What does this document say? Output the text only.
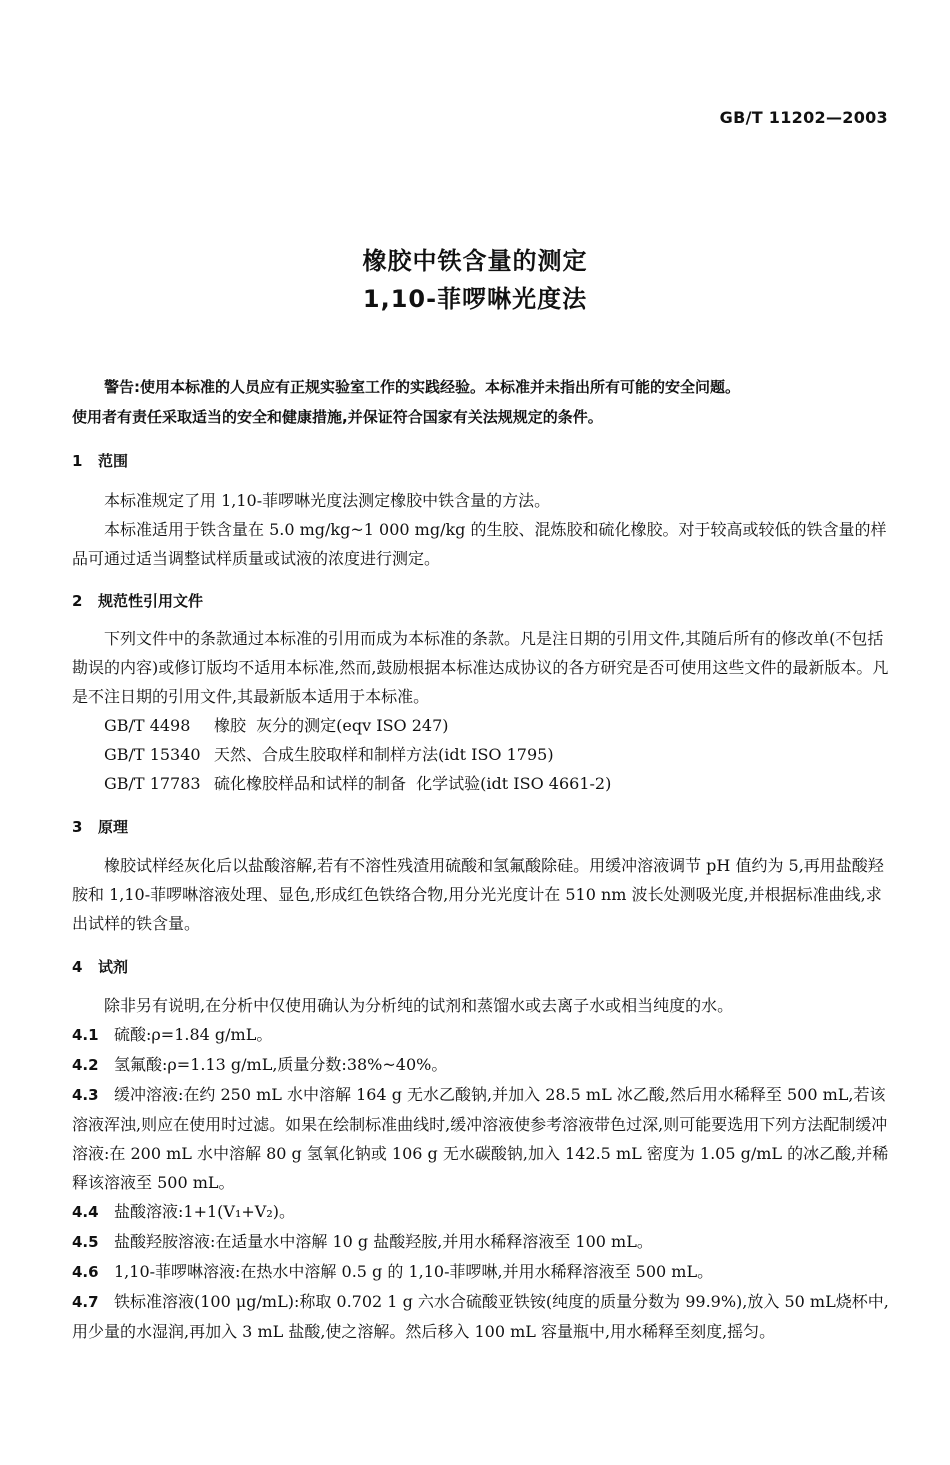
GB/T 11202—2003
橡胶中铁含量的测定
1,10-菲啰啉光度法
警告:使用本标准的人员应有正规实验室工作的实践经验。本标准并未指出所有可能的安全问题。
使用者有责任采取适当的安全和健康措施,并保证符合国家有关法规规定的条件。
1 范围

本标准规定了用 1,10-菲啰啉光度法测定橡胶中铁含量的方法。

本标准适用于铁含量在 5.0 mg/kg~1 000 mg/kg 的生胶、混炼胶和硫化橡胶。对于较高或较低的铁含量的样品可通过适当调整试样质量或试液的浓度进行测定。

2 规范性引用文件

下列文件中的条款通过本标准的引用而成为本标准的条款。凡是注日期的引用文件,其随后所有的修改单(不包括勘误的内容)或修订版均不适用本标准,然而,鼓励根据本标准达成协议的各方研究是否可使用这些文件的最新版本。凡是不注日期的引用文件,其最新版本适用于本标准。

GB/T 4498 橡胶  灰分的测定(eqv ISO 247)
GB/T 15340 天然、合成生胶取样和制样方法(idt ISO 1795)
GB/T 17783 硫化橡胶样品和试样的制备  化学试验(idt ISO 4661-2)
3 原理

橡胶试样经灰化后以盐酸溶解,若有不溶性残渣用硫酸和氢氟酸除硅。用缓冲溶液调节 pH 值约为 5,再用盐酸羟胺和 1,10-菲啰啉溶液处理、显色,形成红色铁络合物,用分光光度计在 510 nm 波长处测吸光度,并根据标准曲线,求出试样的铁含量。

4 试剂

除非另有说明,在分析中仅使用确认为分析纯的试剂和蒸馏水或去离子水或相当纯度的水。

4.1 硫酸:ρ=1.84 g/mL。

4.2 氢氟酸:ρ=1.13 g/mL,质量分数:38%~40%。

4.3 缓冲溶液:在约 250 mL 水中溶解 164 g 无水乙酸钠,并加入 28.5 mL 冰乙酸,然后用水稀释至 500 mL,若该溶液浑浊,则应在使用时过滤。如果在绘制标准曲线时,缓冲溶液使参考溶液带色过深,则可能要选用下列方法配制缓冲溶液:在 200 mL 水中溶解 80 g 氢氧化钠或 106 g 无水碳酸钠,加入 142.5 mL 密度为 1.05 g/mL 的冰乙酸,并稀释该溶液至 500 mL。

4.4 盐酸溶液:1+1(V₁+V₂)。

4.5 盐酸羟胺溶液:在适量水中溶解 10 g 盐酸羟胺,并用水稀释溶液至 100 mL。

4.6 1,10-菲啰啉溶液:在热水中溶解 0.5 g 的 1,10-菲啰啉,并用水稀释溶液至 500 mL。

4.7 铁标准溶液(100 μg/mL):称取 0.702 1 g 六水合硫酸亚铁铵(纯度的质量分数为 99.9%),放入 50 mL烧杯中,用少量的水湿润,再加入 3 mL 盐酸,使之溶解。然后移入 100 mL 容量瓶中,用水稀释至刻度,摇匀。
